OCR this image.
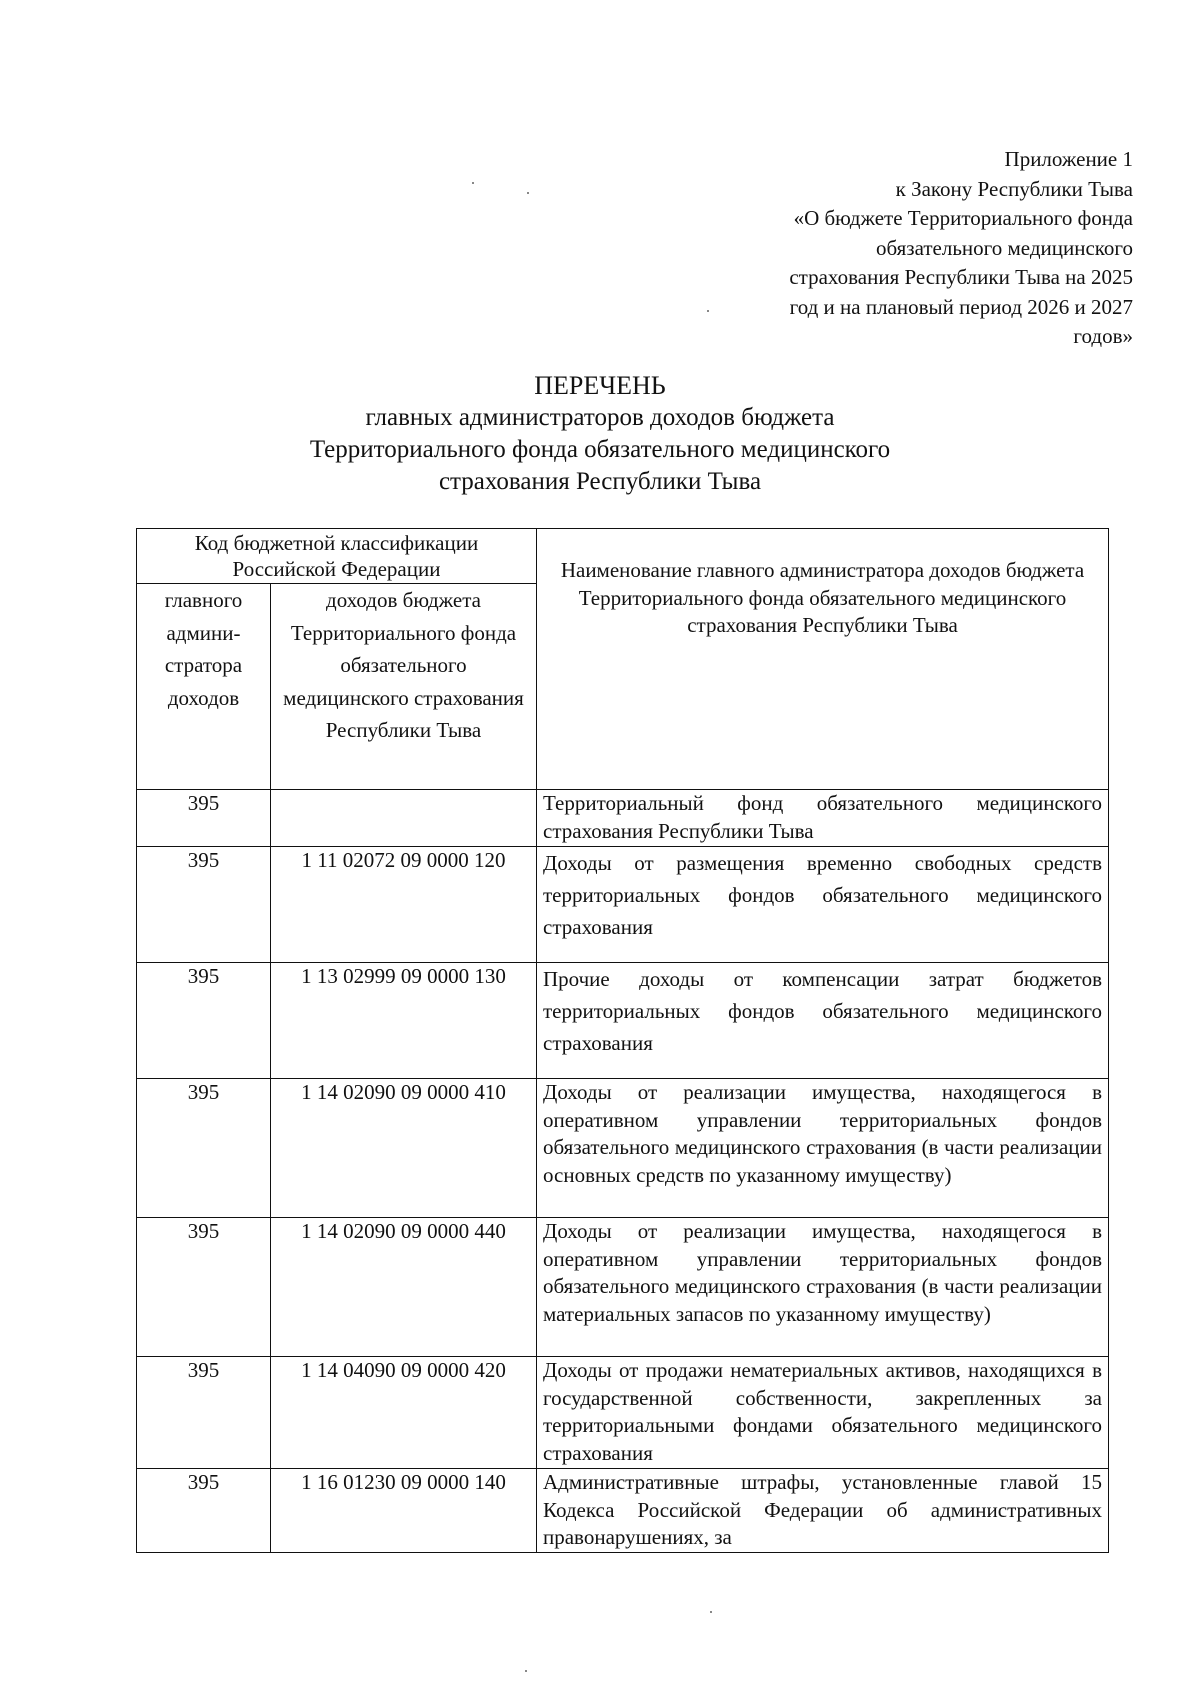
Приложение 1
к Закону Республики Тыва
«О бюджете Территориального фонда
обязательного медицинского
страхования Республики Тыва на 2025
год и на плановый период 2026 и 2027
годов»
ПЕРЕЧЕНЬ
главных администраторов доходов бюджета
Территориального фонда обязательного медицинского
страхования Республики Тыва
Код бюджетной классификации Российской Федерации		Наименование главного администратора доходов бюджета Территориального фонда обязательного медицинского страхования Республики Тыва
главного админи-стратора доходов	доходов бюджета Территориального фонда обязательного медицинского страхования Республики Тыва	
395		Территориальный фонд обязательного медицинского страхования Республики Тыва
395	1 11 02072 09 0000 120	Доходы от размещения временно свободных средств территориальных фондов обязательного медицинского страхования
395	1 13 02999 09 0000 130	Прочие доходы от компенсации затрат бюджетов территориальных фондов обязательного медицинского страхования
395	1 14 02090 09 0000 410	Доходы от реализации имущества, находящегося в оперативном управлении территориальных фондов обязательного медицинского страхования (в части реализации основных средств по указанному имуществу)
395	1 14 02090 09 0000 440	Доходы от реализации имущества, находящегося в оперативном управлении территориальных фондов обязательного медицинского страхования (в части реализации материальных запасов по указанному имуществу)
395	1 14 04090 09 0000 420	Доходы от продажи нематериальных активов, находящихся в государственной собственности, закрепленных за территориальными фондами обязательного медицинского страхования
395	1 16 01230 09 0000 140	Административные штрафы, установленные главой 15 Кодекса Российской Федерации об административных правонарушениях, за
